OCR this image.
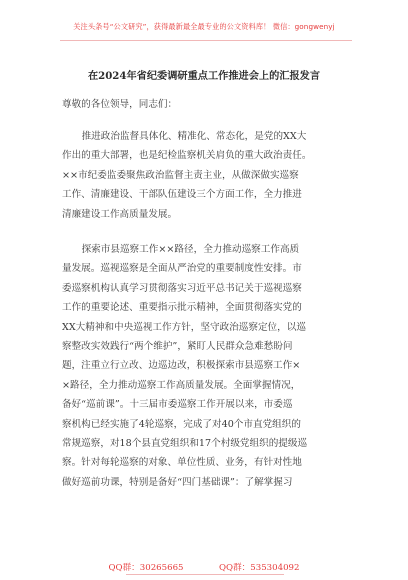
关注头条号“公文研究”，获得最新最全最专业的公文资料库！ 微信：gongwenyj
在2024年省纪委调研重点工作推进会上的汇报发言
尊敬的各位领导，同志们：
推进政治监督具体化、精准化、常态化，是党的XX大
作出的重大部署，也是纪检监察机关肩负的重大政治责任。
××市纪委监委聚焦政治监督主责主业，从做深做实巡察
工作、清廉建设、干部队伍建设三个方面工作，全力推进
清廉建设工作高质量发展。
探索市县巡察工作××路径，全力推动巡察工作高质
量发展。巡视巡察是全面从严治党的重要制度性安排。市
委巡察机构认真学习贯彻落实习近平总书记关于巡视巡察
工作的重要论述、重要指示批示精神，全面贯彻落实党的
XX大精神和中央巡视工作方针，坚守政治巡察定位，以巡
察整改实效践行“两个维护”，紧盯人民群众急难愁盼问
题，注重立行立改、边巡边改，积极探索市县巡察工作×
×路径，全力推动巡察工作高质量发展。全面掌握情况，
备好“巡前课”。十三届市委巡察工作开展以来，市委巡
察机构已经实施了4轮巡察，完成了对40个市直党组织的
常规巡察，对18个县直党组织和17个村级党组织的提级巡
察。针对每轮巡察的对象、单位性质、业务，有针对性地
做好巡前功课，特别是备好“四门基础课”：了解掌握习
QQ群：30265665	QQ群：535304092
